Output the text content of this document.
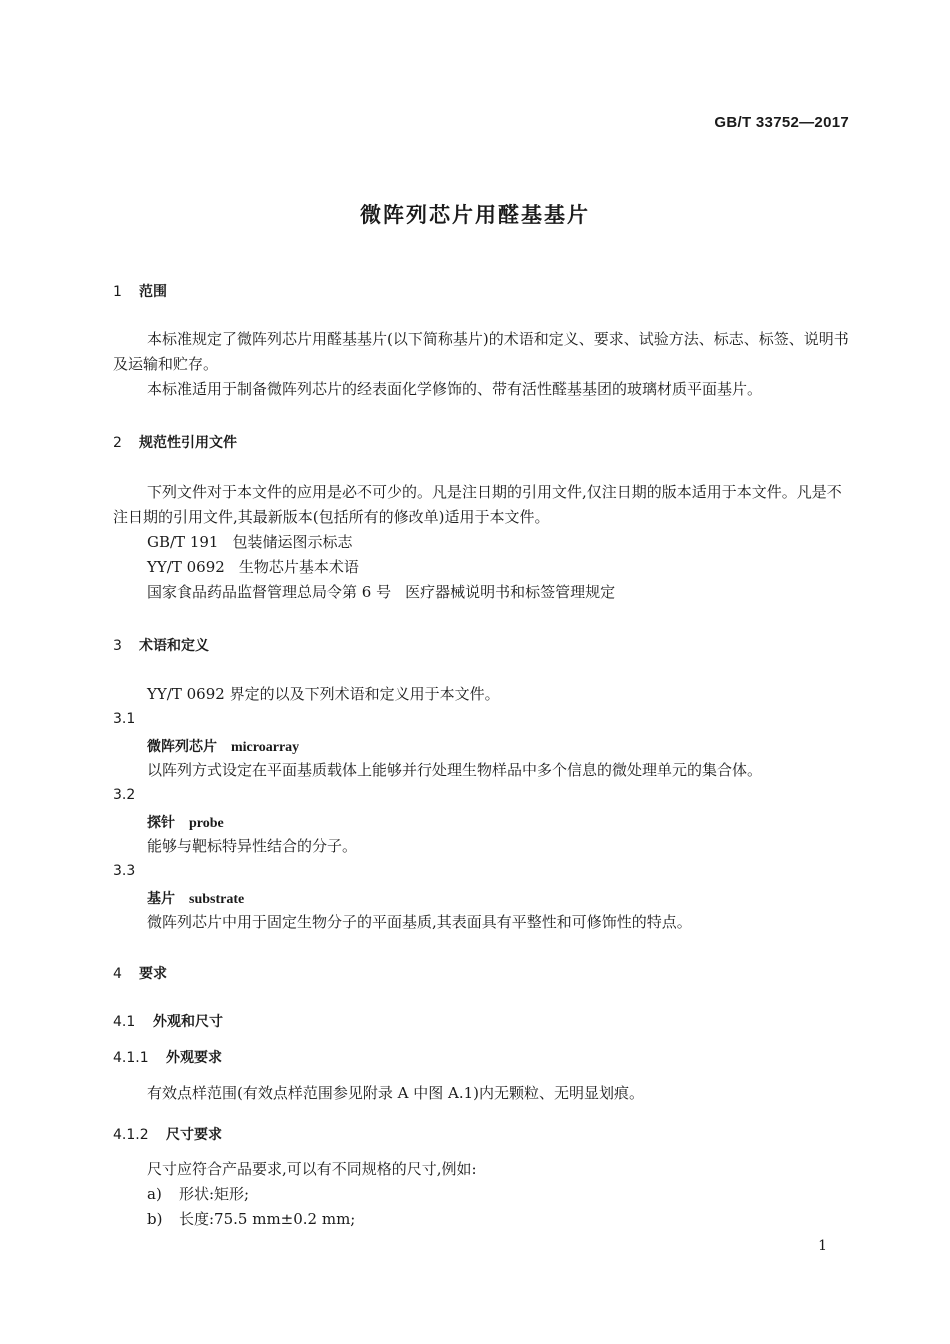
GB/T 33752—2017
微阵列芯片用醛基基片
1 范围
本标准规定了微阵列芯片用醛基基片(以下简称基片)的术语和定义、要求、试验方法、标志、标签、说明书及运输和贮存。
本标准适用于制备微阵列芯片的经表面化学修饰的、带有活性醛基基团的玻璃材质平面基片。
2 规范性引用文件
下列文件对于本文件的应用是必不可少的。凡是注日期的引用文件,仅注日期的版本适用于本文件。凡是不注日期的引用文件,其最新版本(包括所有的修改单)适用于本文件。
GB/T 191 包装储运图示标志
YY/T 0692 生物芯片基本术语
国家食品药品监督管理总局令第 6 号 医疗器械说明书和标签管理规定
3 术语和定义
YY/T 0692 界定的以及下列术语和定义用于本文件。
3.1
微阵列芯片 microarray
以阵列方式设定在平面基质载体上能够并行处理生物样品中多个信息的微处理单元的集合体。
3.2
探针 probe
能够与靶标特异性结合的分子。
3.3
基片 substrate
微阵列芯片中用于固定生物分子的平面基质,其表面具有平整性和可修饰性的特点。
4 要求
4.1 外观和尺寸
4.1.1 外观要求
有效点样范围(有效点样范围参见附录 A 中图 A.1)内无颗粒、无明显划痕。
4.1.2 尺寸要求
尺寸应符合产品要求,可以有不同规格的尺寸,例如:
a) 形状:矩形;
b) 长度:75.5 mm±0.2 mm;
1
